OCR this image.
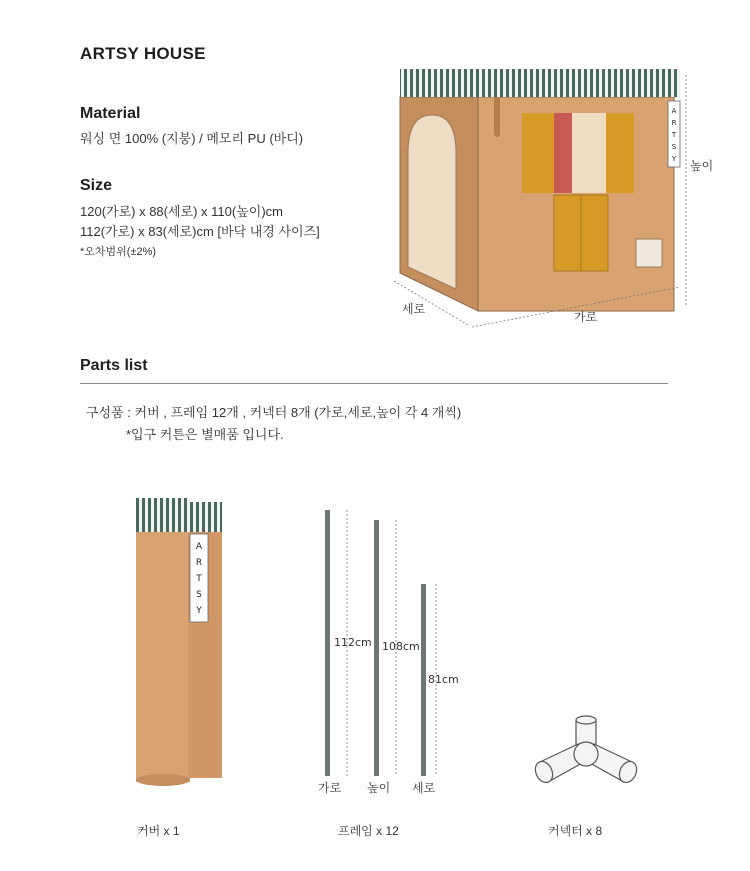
ARTSY HOUSE
Material
워싱 면 100% (지붕) / 메모리 PU (바디)
Size
120(가로) x 88(세로) x 110(높이)cm
112(가로) x 83(세로)cm [바닥 내경 사이즈]
*오차범위(±2%)
A
R
T
S
Y 높이
세로
가로
Parts list
구성품 : 커버 , 프레임 12개 , 커넥터 8개 (가로,세로,높이 각 4 개씩)
*입구 커튼은 별매품 입니다.
A
R
T
S
Y
커버 x 1
112cm
가로
108cm
높이
81cm
세로
프레임 x 12	커넥터 x 8
